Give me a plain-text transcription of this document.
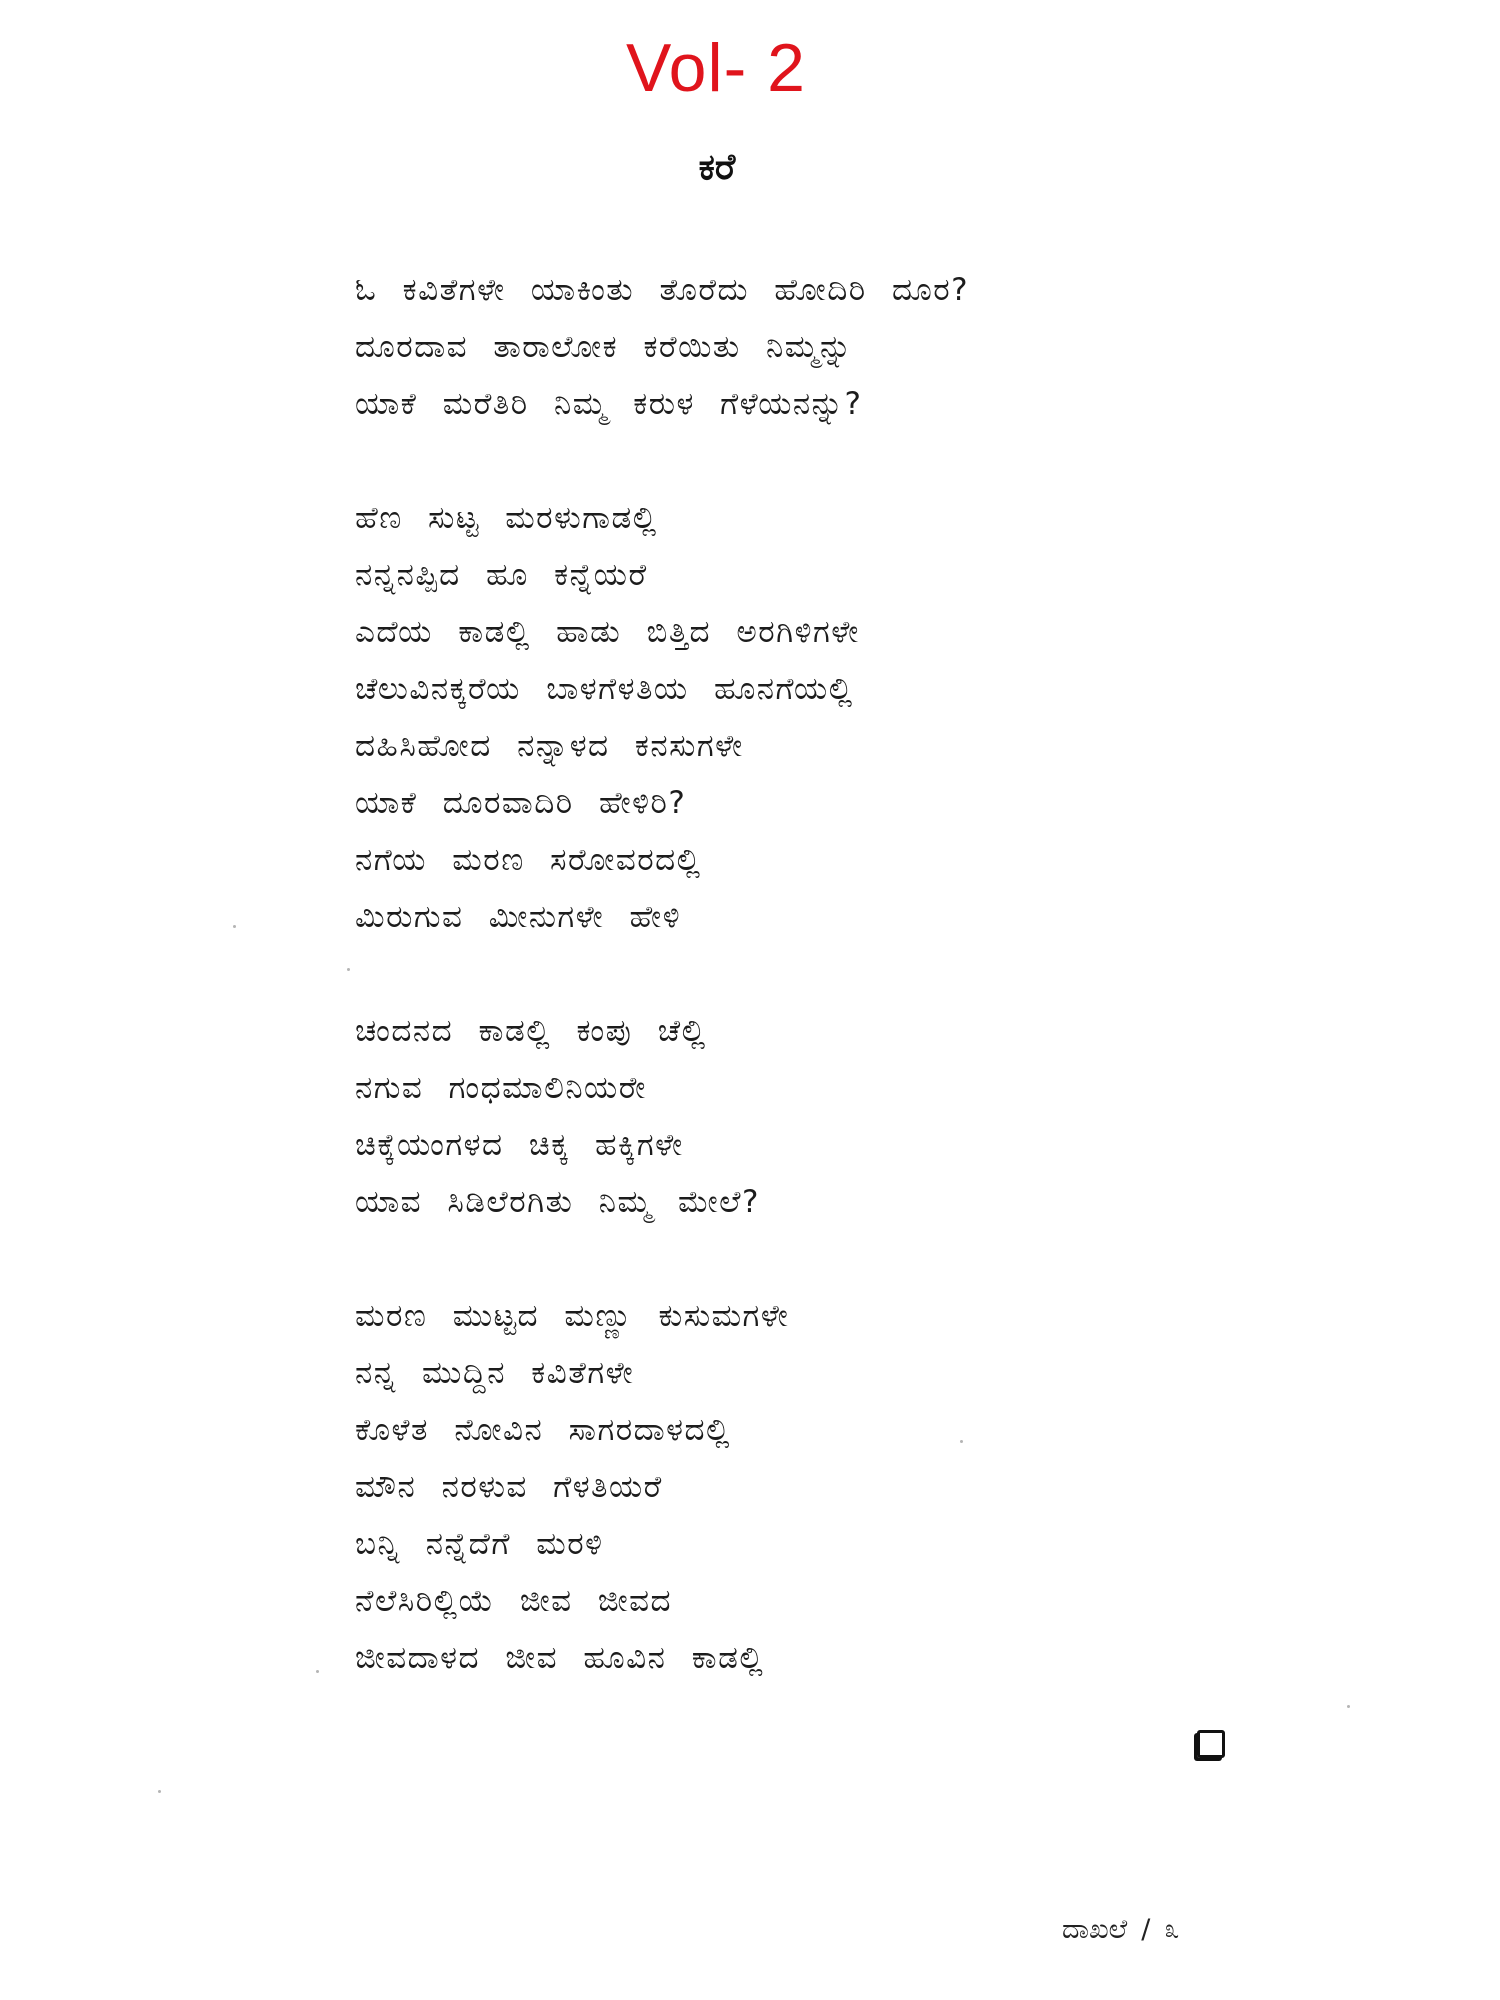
Vol- 2
ಕರೆ
ಓ ಕವಿತೆಗಳೇ ಯಾಕಿಂತು ತೊರೆದು ಹೋದಿರಿ ದೂರ?
ದೂರದಾವ ತಾರಾಲೋಕ ಕರೆಯಿತು ನಿಮ್ಮನ್ನು
ಯಾಕೆ ಮರೆತಿರಿ ನಿಮ್ಮ ಕರುಳ ಗೆಳೆಯನನ್ನು?
ಹೆಣ ಸುಟ್ಟ ಮರಳುಗಾಡಲ್ಲಿ
ನನ್ನನಪ್ಪಿದ ಹೂ ಕನ್ನೆಯರೆ
ಎದೆಯ ಕಾಡಲ್ಲಿ ಹಾಡು ಬಿತ್ತಿದ ಅರಗಿಳಿಗಳೇ
ಚೆಲುವಿನಕ್ಕರೆಯ ಬಾಳಗೆಳತಿಯ ಹೂನಗೆಯಲ್ಲಿ
ದಹಿಸಿಹೋದ ನನ್ನಾಳದ ಕನಸುಗಳೇ
ಯಾಕೆ ದೂರವಾದಿರಿ ಹೇಳಿರಿ?
ನಗೆಯ ಮರಣ ಸರೋವರದಲ್ಲಿ
ಮಿರುಗುವ ಮೀನುಗಳೇ ಹೇಳಿ
ಚಂದನದ ಕಾಡಲ್ಲಿ ಕಂಪು ಚೆಲ್ಲಿ
ನಗುವ ಗಂಧಮಾಲಿನಿಯರೇ
ಚಿಕ್ಕೆಯಂಗಳದ ಚಿಕ್ಕ ಹಕ್ಕಿಗಳೇ
ಯಾವ ಸಿಡಿಲೆರಗಿತು ನಿಮ್ಮ ಮೇಲೆ?
ಮರಣ ಮುಟ್ಟದ ಮಣ್ಣು ಕುಸುಮಗಳೇ
ನನ್ನ ಮುದ್ದಿನ ಕವಿತೆಗಳೇ
ಕೊಳೆತ ನೋವಿನ ಸಾಗರದಾಳದಲ್ಲಿ
ಮೌನ ನರಳುವ ಗೆಳತಿಯರೆ
ಬನ್ನಿ ನನ್ನೆದೆಗೆ ಮರಳಿ
ನೆಲೆಸಿರಿಲ್ಲಿಯೆ ಜೀವ ಜೀವದ
ಜೀವದಾಳದ ಜೀವ ಹೂವಿನ ಕಾಡಲ್ಲಿ
ದಾಖಲೆ / ೩
